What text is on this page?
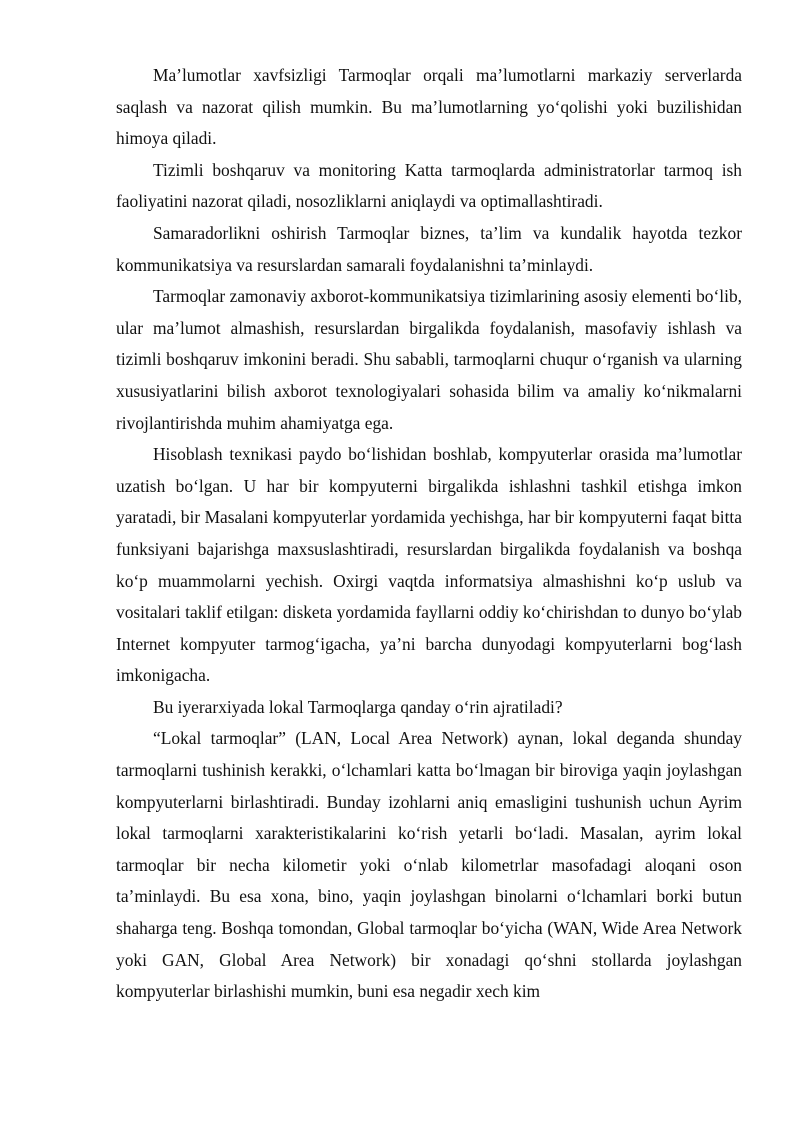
Ma’lumotlar xavfsizligi Tarmoqlar orqali ma’lumotlarni markaziy serverlarda saqlash va nazorat qilish mumkin. Bu ma’lumotlarning yo‘qolishi yoki buzilishidan himoya qiladi.

Tizimli boshqaruv va monitoring Katta tarmoqlarda administratorlar tarmoq ish faoliyatini nazorat qiladi, nosozliklarni aniqlaydi va optimallashtiradi.

Samaradorlikni oshirish Tarmoqlar biznes, ta’lim va kundalik hayotda tezkor kommunikatsiya va resurslardan samarali foydalanishni ta’minlaydi.

Tarmoqlar zamonaviy axborot-kommunikatsiya tizimlarining asosiy elementi bo‘lib, ular ma’lumot almashish, resurslardan birgalikda foydalanish, masofaviy ishlash va tizimli boshqaruv imkonini beradi. Shu sababli, tarmoqlarni chuqur o‘rganish va ularning xususiyatlarini bilish axborot texnologiyalari sohasida bilim va amaliy ko‘nikmalarni rivojlantirishda muhim ahamiyatga ega.

Hisoblash texnikasi paydo bo‘lishidan boshlab, kompyuterlar orasida ma’lumotlar uzatish bo‘lgan. U har bir kompyuterni birgalikda ishlashni tashkil etishga imkon yaratadi, bir Masalani kompyuterlar yordamida yechishga, har bir kompyuterni faqat bitta funksiyani bajarishga maxsuslashtiradi, resurslardan birgalikda foydalanish va boshqa ko‘p muammolarni yechish. Oxirgi vaqtda informatsiya almashishni ko‘p uslub va vositalari taklif etilgan: disketa yordamida fayllarni oddiy ko‘chirishdan to dunyo bo‘ylab Internet kompyuter tarmog‘igacha, ya’ni barcha dunyodagi kompyuterlarni bog‘lash imkonigacha.

Bu iyerarxiyada lokal Tarmoqlarga qanday o‘rin ajratiladi?

“Lokal tarmoqlar” (LAN, Local Area Network) aynan, lokal deganda shunday tarmoqlarni tushinish kerakki, o‘lchamlari katta bo‘lmagan bir biroviga yaqin joylashgan kompyuterlarni birlashtiradi. Bunday izohlarni aniq emasligini tushunish uchun Ayrim lokal tarmoqlarni xarakteristikalarini ko‘rish yetarli bo‘ladi. Masalan, ayrim lokal tarmoqlar bir necha kilometir yoki o‘nlab kilometrlar masofadagi aloqani oson ta’minlaydi. Bu esa xona, bino, yaqin joylashgan binolarni o‘lchamlari borki butun shaharga teng. Boshqa tomondan, Global tarmoqlar bo‘yicha (WAN, Wide Area Network yoki GAN, Global Area Network) bir xonadagi qo‘shni stollarda joylashgan kompyuterlar birlashishi mumkin, buni esa negadir xech kim
